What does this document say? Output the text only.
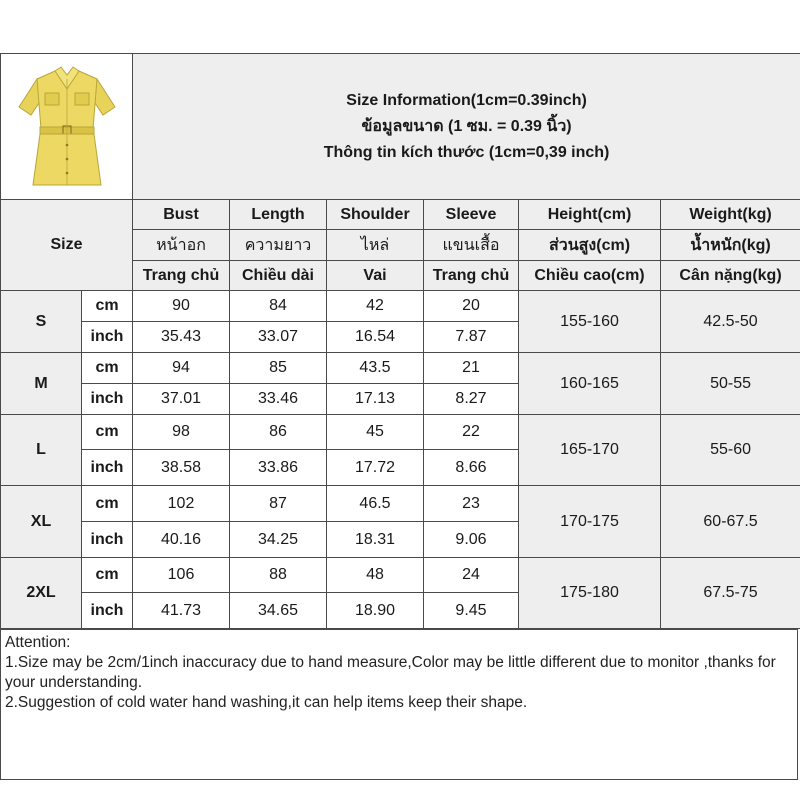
Size Information(1cm=0.39inch)
ข้อมูลขนาด (1 ซม. = 0.39 นิ้ว)
Thông tin kích thước (1cm=0,39 inch)					

Size		Bust	Length	Shoulder	Sleeve	Height(cm)	Weight(kg)
		หน้าอก	ความยาว	ไหล่	แขนเสื้อ	ส่วนสูง(cm)	น้ำหนัก(kg)
		Trang chủ	Chiều dài	Vai	Trang chủ	Chiều cao(cm)	Cân nặng(kg)
S	cm	90	84	42	20	155-160	42.5-50
	inch	35.43	33.07	16.54	7.87		
M	cm	94	85	43.5	21	160-165	50-55
	inch	37.01	33.46	17.13	8.27		
L	cm	98	86	45	22	165-170	55-60
	inch	38.58	33.86	17.72	8.66		
XL	cm	102	87	46.5	23	170-175	60-67.5
	inch	40.16	34.25	18.31	9.06		
2XL	cm	106	88	48	24	175-180	67.5-75
	inch	41.73	34.65	18.90	9.45		
Attention:
1.Size may be 2cm/1inch inaccuracy due to hand measure,Color may be little different due to monitor ,thanks for your understanding.
2.Suggestion of cold water hand washing,it can help items keep their shape.
